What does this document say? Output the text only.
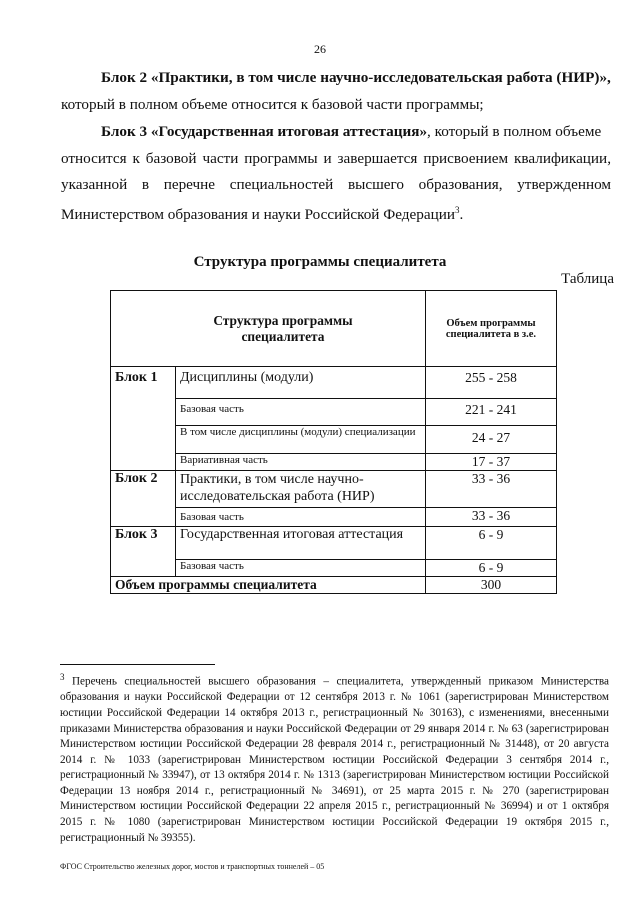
26

Блок 2 «Практики, в том числе научно-исследовательская работа (НИР)»,

который в полном объеме относится к базовой части программы;

Блок 3 «Государственная итоговая аттестация», который в полном объеме

относится к базовой части программы и завершается присвоением квалификации,

указанной в перечне специальностей высшего образования, утвержденном

Министерством образования и науки Российской Федерации$^3$.

Структура программы специалитета
Таблица
Структура программы специалитета		Объем программы специалитета в з.е.
Блок 1	Дисциплины (модули)	255 - 258
	Базовая часть	221 - 241
	В том числе дисциплины (модули) специализации	24 - 27
	Вариативная часть	17 - 37
Блок 2	Практики, в том числе научно-исследовательская работа (НИР)	33 - 36
	Базовая часть	33 - 36
Блок 3	Государственная итоговая аттестация	6 - 9
	Базовая часть	6 - 9
Объем программы специалитета		300

$^3$ Перечень специальностей высшего образования – специалитета, утвержденный приказом Министерства образования и науки Российской Федерации от 12 сентября 2013 г. № 1061 (зарегистрирован Министерством юстиции Российской Федерации 14 октября 2013 г., регистрационный № 30163), с изменениями, внесенными приказами Министерства образования и науки Российской Федерации от 29 января 2014 г. № 63 (зарегистрирован Министерством юстиции Российской Федерации 28 февраля 2014 г., регистрационный № 31448), от 20 августа 2014 г. № 1033 (зарегистрирован Министерством юстиции Российской Федерации 3 сентября 2014 г., регистрационный № 33947), от 13 октября 2014 г. № 1313 (зарегистрирован Министерством юстиции Российской Федерации 13 ноября 2014 г., регистрационный № 34691), от 25 марта 2015 г. № 270 (зарегистрирован Министерством юстиции Российской Федерации 22 апреля 2015 г., регистрационный № 36994) и от 1 октября 2015 г. № 1080 (зарегистрирован Министерством юстиции Российской Федерации 19 октября 2015 г., регистрационный № 39355).

ФГОС Строительство железных дорог, мостов и транспортных тоннелей – 05
